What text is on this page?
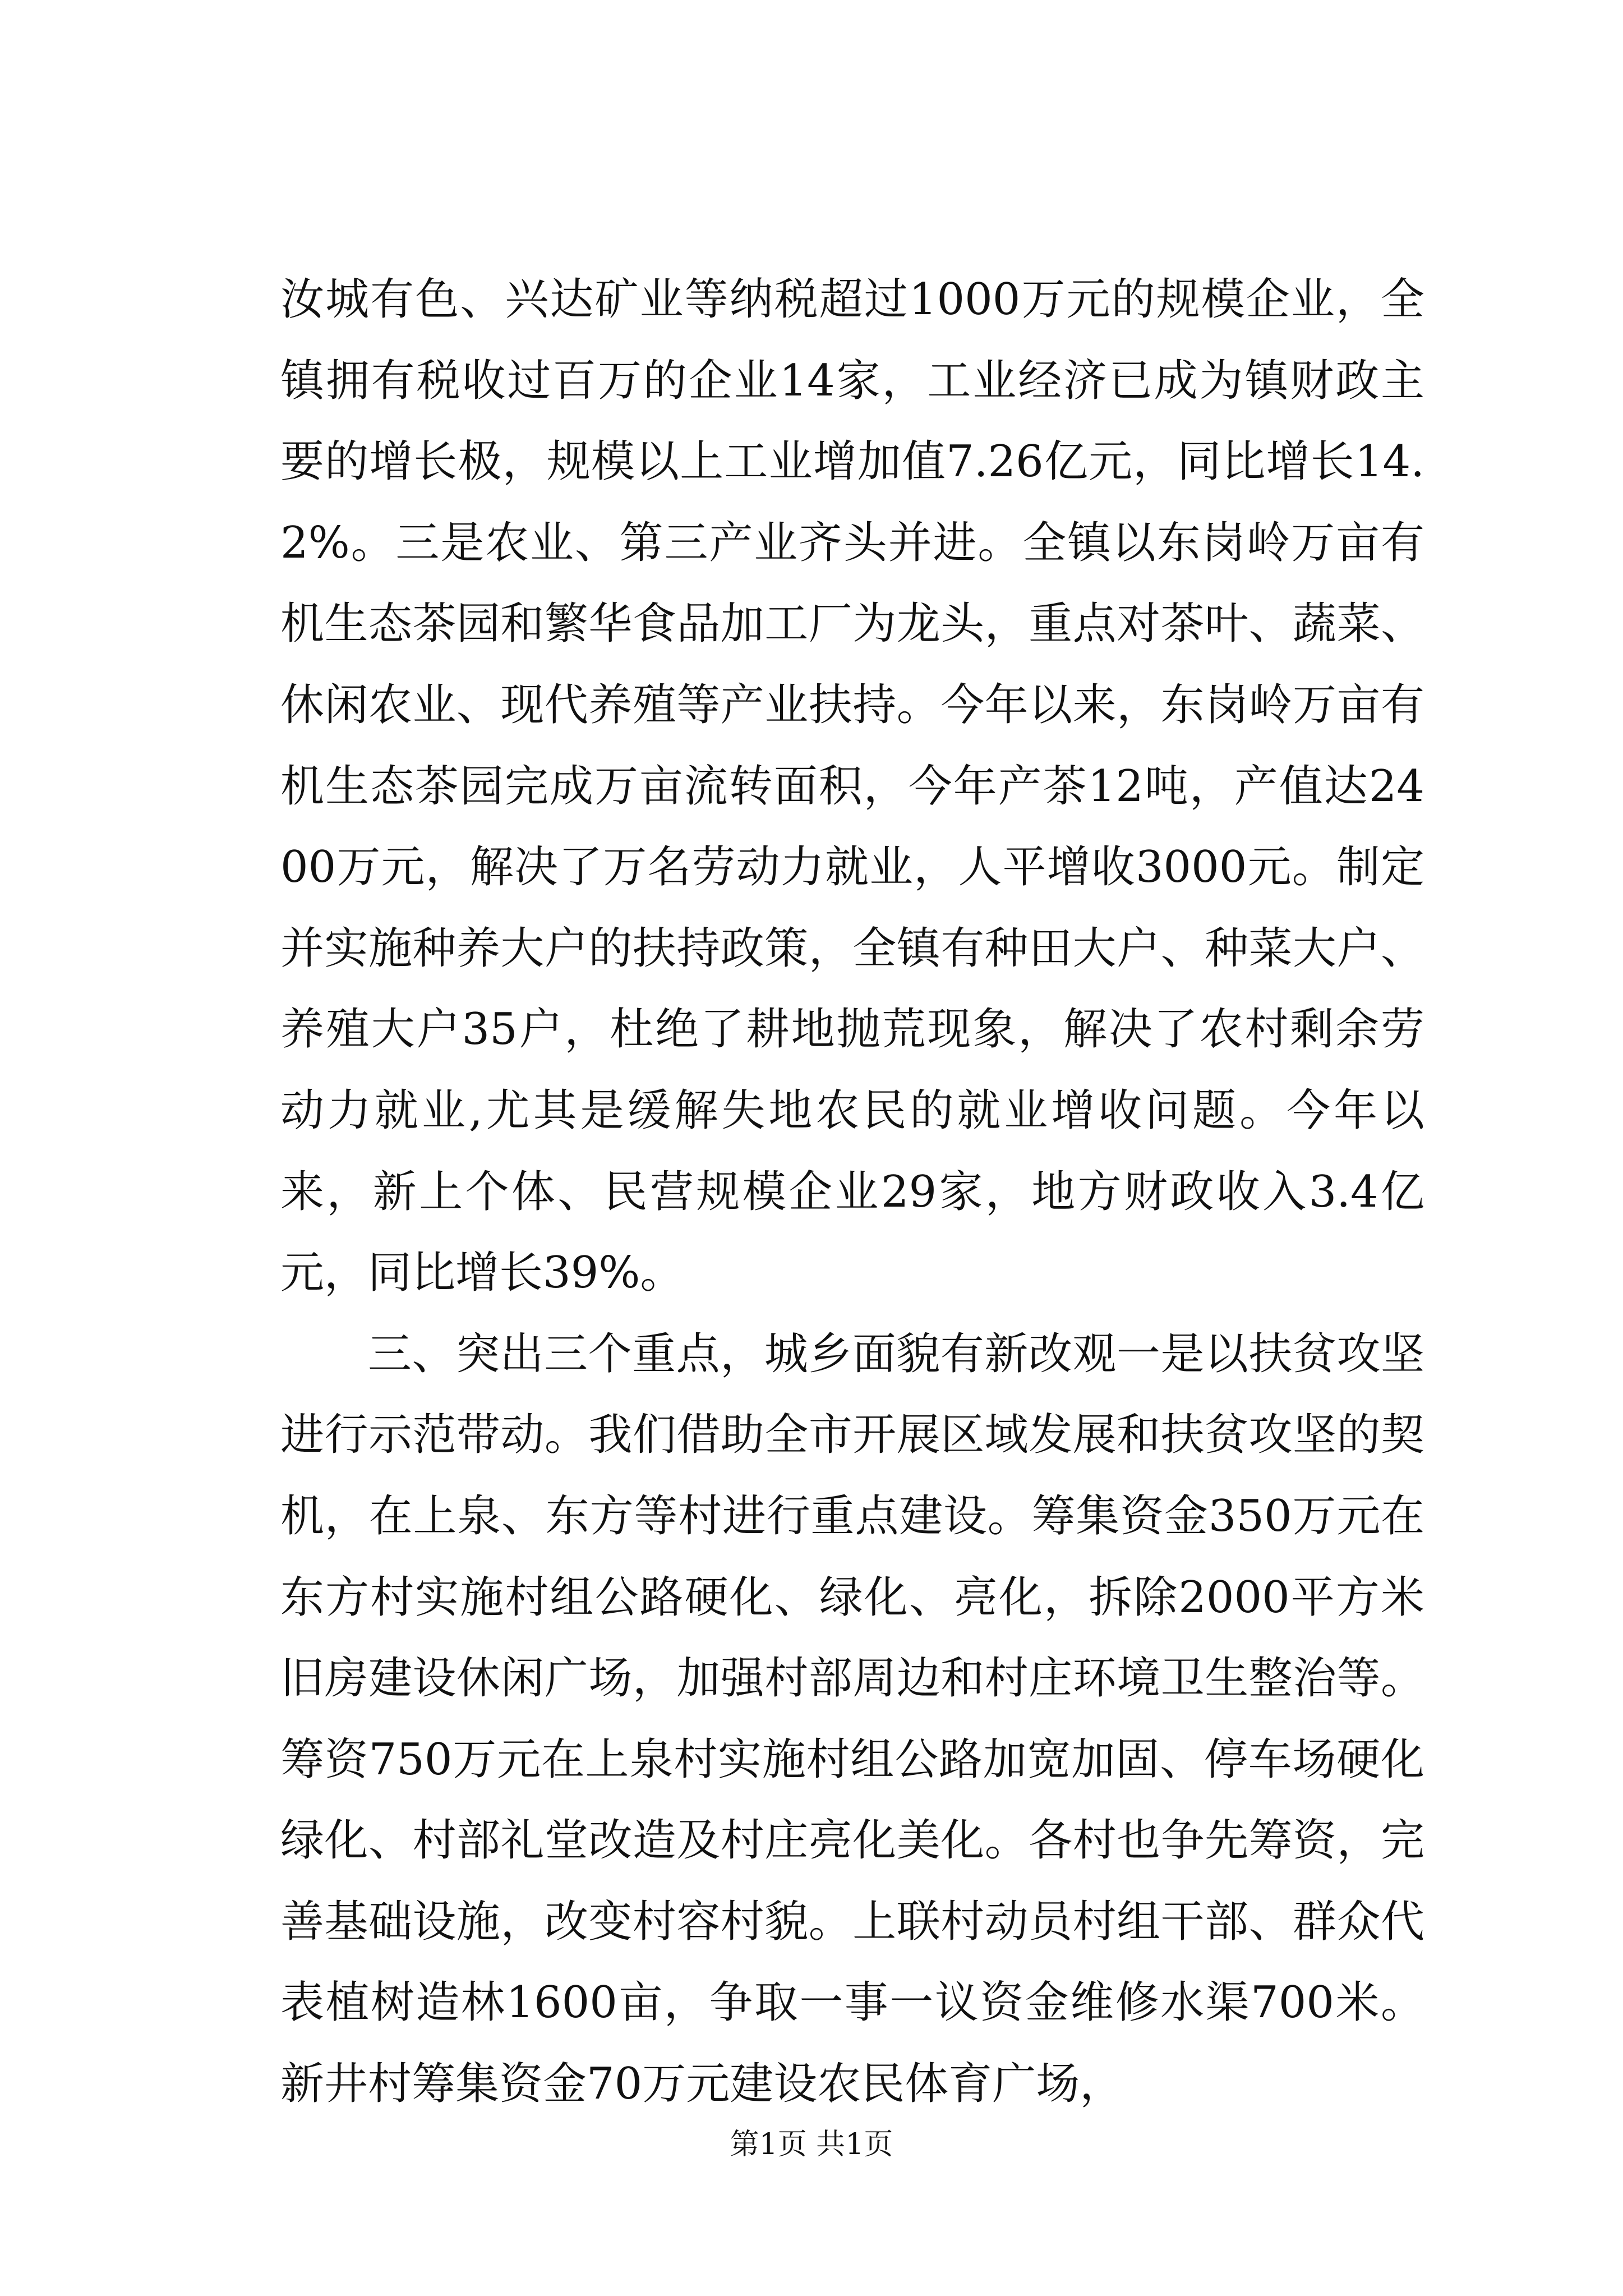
汝城有色、兴达矿业等纳税超过1000万元的规模企业，全镇拥有税收过百万的企业14家，工业经济已成为镇财政主要的增长极，规模以上工业增加值7.26亿元，同比增长14.2%。三是农业、第三产业齐头并进。全镇以东岗岭万亩有机生态茶园和繁华食品加工厂为龙头，重点对茶叶、蔬菜、休闲农业、现代养殖等产业扶持。今年以来，东岗岭万亩有机生态茶园完成万亩流转面积，今年产茶12吨，产值达2400万元，解决了万名劳动力就业，人平增收3000元。制定并实施种养大户的扶持政策，全镇有种田大户、种菜大户、养殖大户35户，杜绝了耕地抛荒现象，解决了农村剩余劳动力就业,尤其是缓解失地农民的就业增收问题。今年以来，新上个体、民营规模企业29家，地方财政收入3.4亿元，同比增长39%。

三、突出三个重点，城乡面貌有新改观一是以扶贫攻坚进行示范带动。我们借助全市开展区域发展和扶贫攻坚的契机，在上泉、东方等村进行重点建设。筹集资金350万元在东方村实施村组公路硬化、绿化、亮化，拆除2000平方米旧房建设休闲广场，加强村部周边和村庄环境卫生整治等。筹资750万元在上泉村实施村组公路加宽加固、停车场硬化绿化、村部礼堂改造及村庄亮化美化。各村也争先筹资，完善基础设施，改变村容村貌。上联村动员村组干部、群众代表植树造林1600亩，争取一事一议资金维修水渠700米。新井村筹集资金70万元建设农民体育广场，

第1页 共1页
